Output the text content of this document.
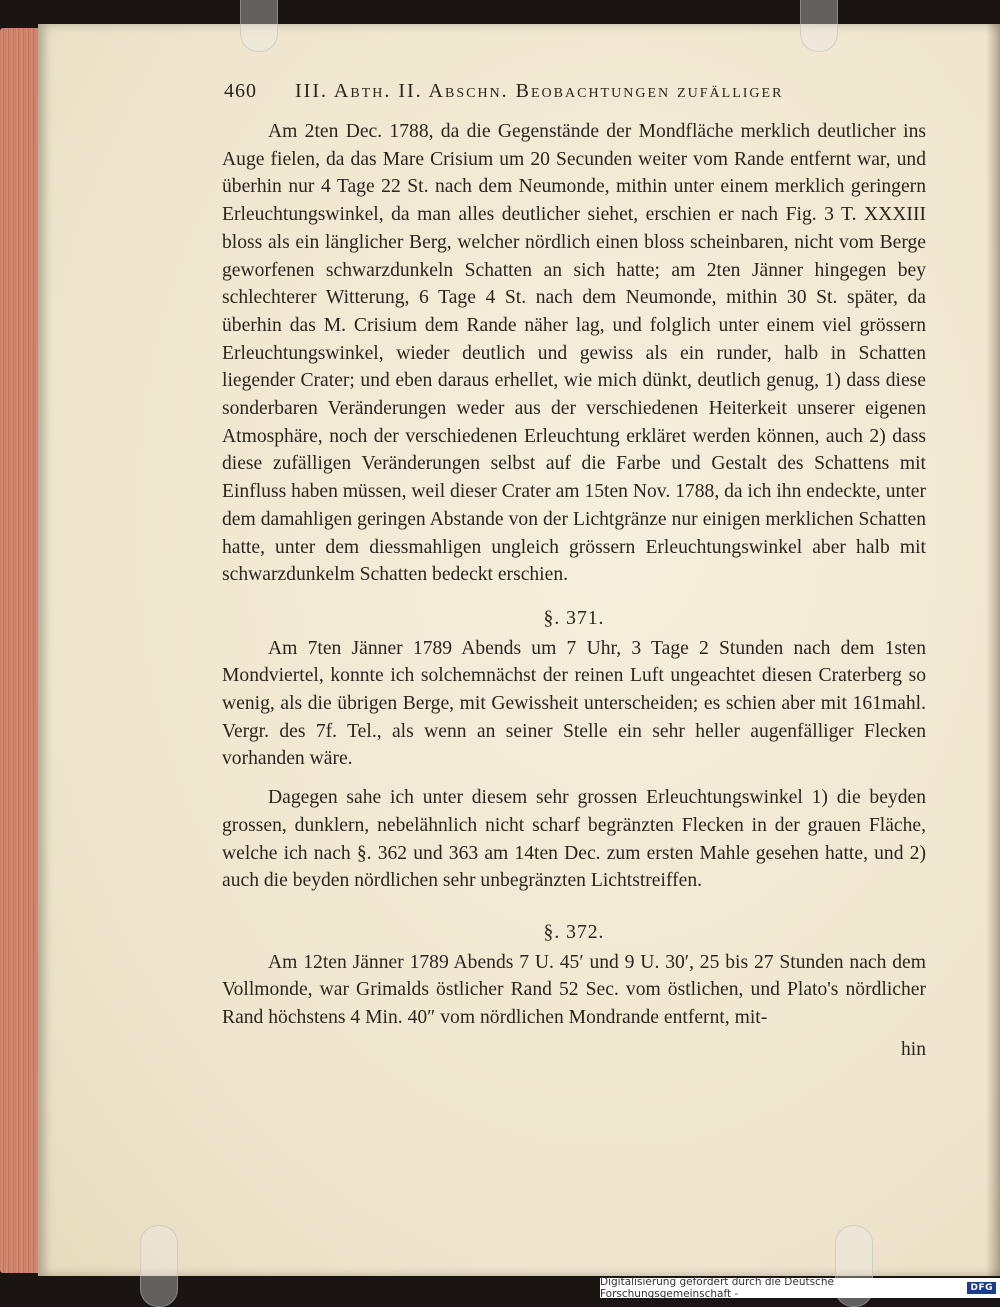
460 III. Abth. II. Abschn. Beobachtungen zufälliger

Am 2ten Dec. 1788, da die Gegenstände der Mondfläche merklich deutlicher ins Auge fielen, da das Mare Crisium um 20 Secunden weiter vom Rande entfernt war, und überhin nur 4 Tage 22 St. nach dem Neumonde, mithin unter einem merklich geringern Erleuchtungswinkel, da man alles deutlicher siehet, erschien er nach Fig. 3 T. XXXIII bloss als ein länglicher Berg, welcher nördlich einen bloss scheinbaren, nicht vom Berge geworfenen schwarzdunkeln Schatten an sich hatte; am 2ten Jänner hingegen bey schlechterer Witterung, 6 Tage 4 St. nach dem Neumonde, mithin 30 St. später, da überhin das M. Crisium dem Rande näher lag, und folglich unter einem viel grössern Erleuchtungswinkel, wieder deutlich und gewiss als ein runder, halb in Schatten liegender Crater; und eben daraus erhellet, wie mich dünkt, deutlich genug, 1) dass diese sonderbaren Veränderungen weder aus der verschiedenen Heiterkeit unserer eigenen Atmosphäre, noch der verschiedenen Erleuchtung erkläret werden können, auch 2) dass diese zufälligen Veränderungen selbst auf die Farbe und Gestalt des Schattens mit Einfluss haben müssen, weil dieser Crater am 15ten Nov. 1788, da ich ihn endeckte, unter dem damahligen geringen Abstande von der Lichtgränze nur einigen merklichen Schatten hatte, unter dem diessmahligen ungleich grössern Erleuchtungswinkel aber halb mit schwarzdunkelm Schatten bedeckt erschien.

§. 371.

Am 7ten Jänner 1789 Abends um 7 Uhr, 3 Tage 2 Stunden nach dem 1sten Mondviertel, konnte ich solchemnächst der reinen Luft ungeachtet diesen Craterberg so wenig, als die übrigen Berge, mit Gewissheit unterscheiden; es schien aber mit 161mahl. Vergr. des 7f. Tel., als wenn an seiner Stelle ein sehr heller augenfälliger Flecken vorhanden wäre.

Dagegen sahe ich unter diesem sehr grossen Erleuchtungswinkel 1) die beyden grossen, dunklern, nebelähnlich nicht scharf begränzten Flecken in der grauen Fläche, welche ich nach §. 362 und 363 am 14ten Dec. zum ersten Mahle gesehen hatte, und 2) auch die beyden nördlichen sehr unbegränzten Lichtstreiffen.

§. 372.

Am 12ten Jänner 1789 Abends 7 U. 45′ und 9 U. 30′, 25 bis 27 Stunden nach dem Vollmonde, war Grimalds östlicher Rand 52 Sec. vom östlichen, und Plato's nördlicher Rand höchstens 4 Min. 40″ vom nördlichen Mondrande entfernt, mit-

hin
Digitalisierung gefördert durch die Deutsche Forschungsgemeinschaft -	DFG
